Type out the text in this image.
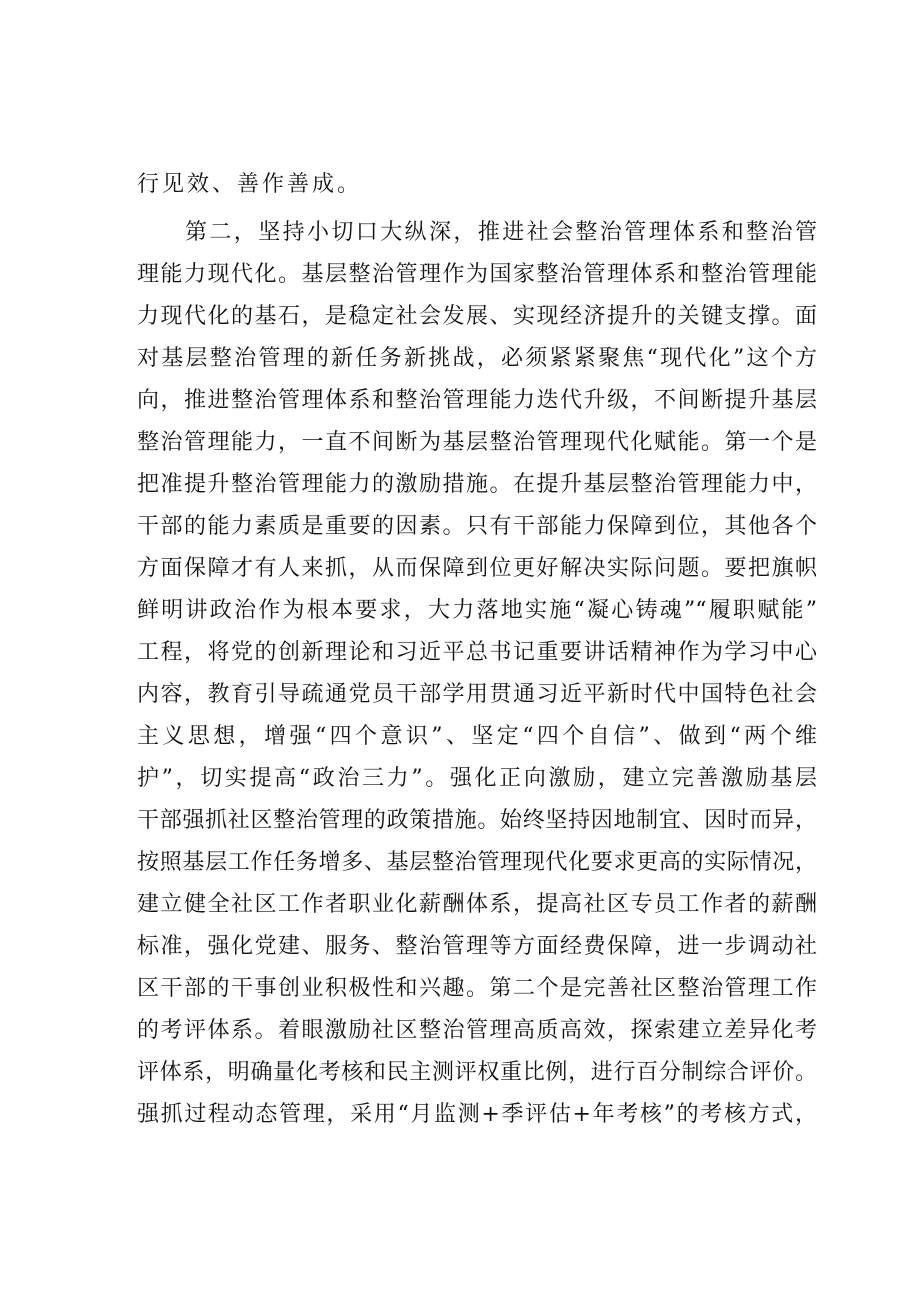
行见效、善作善成。
第二，坚持小切口大纵深，推进社会整治管理体系和整治管
理能力现代化。基层整治管理作为国家整治管理体系和整治管理能
力现代化的基石，是稳定社会发展、实现经济提升的关键支撑。面
对基层整治管理的新任务新挑战，必须紧紧聚焦“现代化”这个方
向，推进整治管理体系和整治管理能力迭代升级，不间断提升基层
整治管理能力，一直不间断为基层整治管理现代化赋能。第一个是
把准提升整治管理能力的激励措施。在提升基层整治管理能力中，
干部的能力素质是重要的因素。只有干部能力保障到位，其他各个
方面保障才有人来抓，从而保障到位更好解决实际问题。要把旗帜
鲜明讲政治作为根本要求，大力落地实施“凝心铸魂”“履职赋能”
工程，将党的创新理论和习近平总书记重要讲话精神作为学习中心
内容，教育引导疏通党员干部学用贯通习近平新时代中国特色社会
主义思想，增强“四个意识”、坚定“四个自信”、做到“两个维
护”，切实提高“政治三力”。强化正向激励，建立完善激励基层
干部强抓社区整治管理的政策措施。始终坚持因地制宜、因时而异，
按照基层工作任务增多、基层整治管理现代化要求更高的实际情况，
建立健全社区工作者职业化薪酬体系，提高社区专员工作者的薪酬
标准，强化党建、服务、整治管理等方面经费保障，进一步调动社
区干部的干事创业积极性和兴趣。第二个是完善社区整治管理工作
的考评体系。着眼激励社区整治管理高质高效，探索建立差异化考
评体系，明确量化考核和民主测评权重比例，进行百分制综合评价。
强抓过程动态管理，采用“月监测+季评估+年考核”的考核方式，
